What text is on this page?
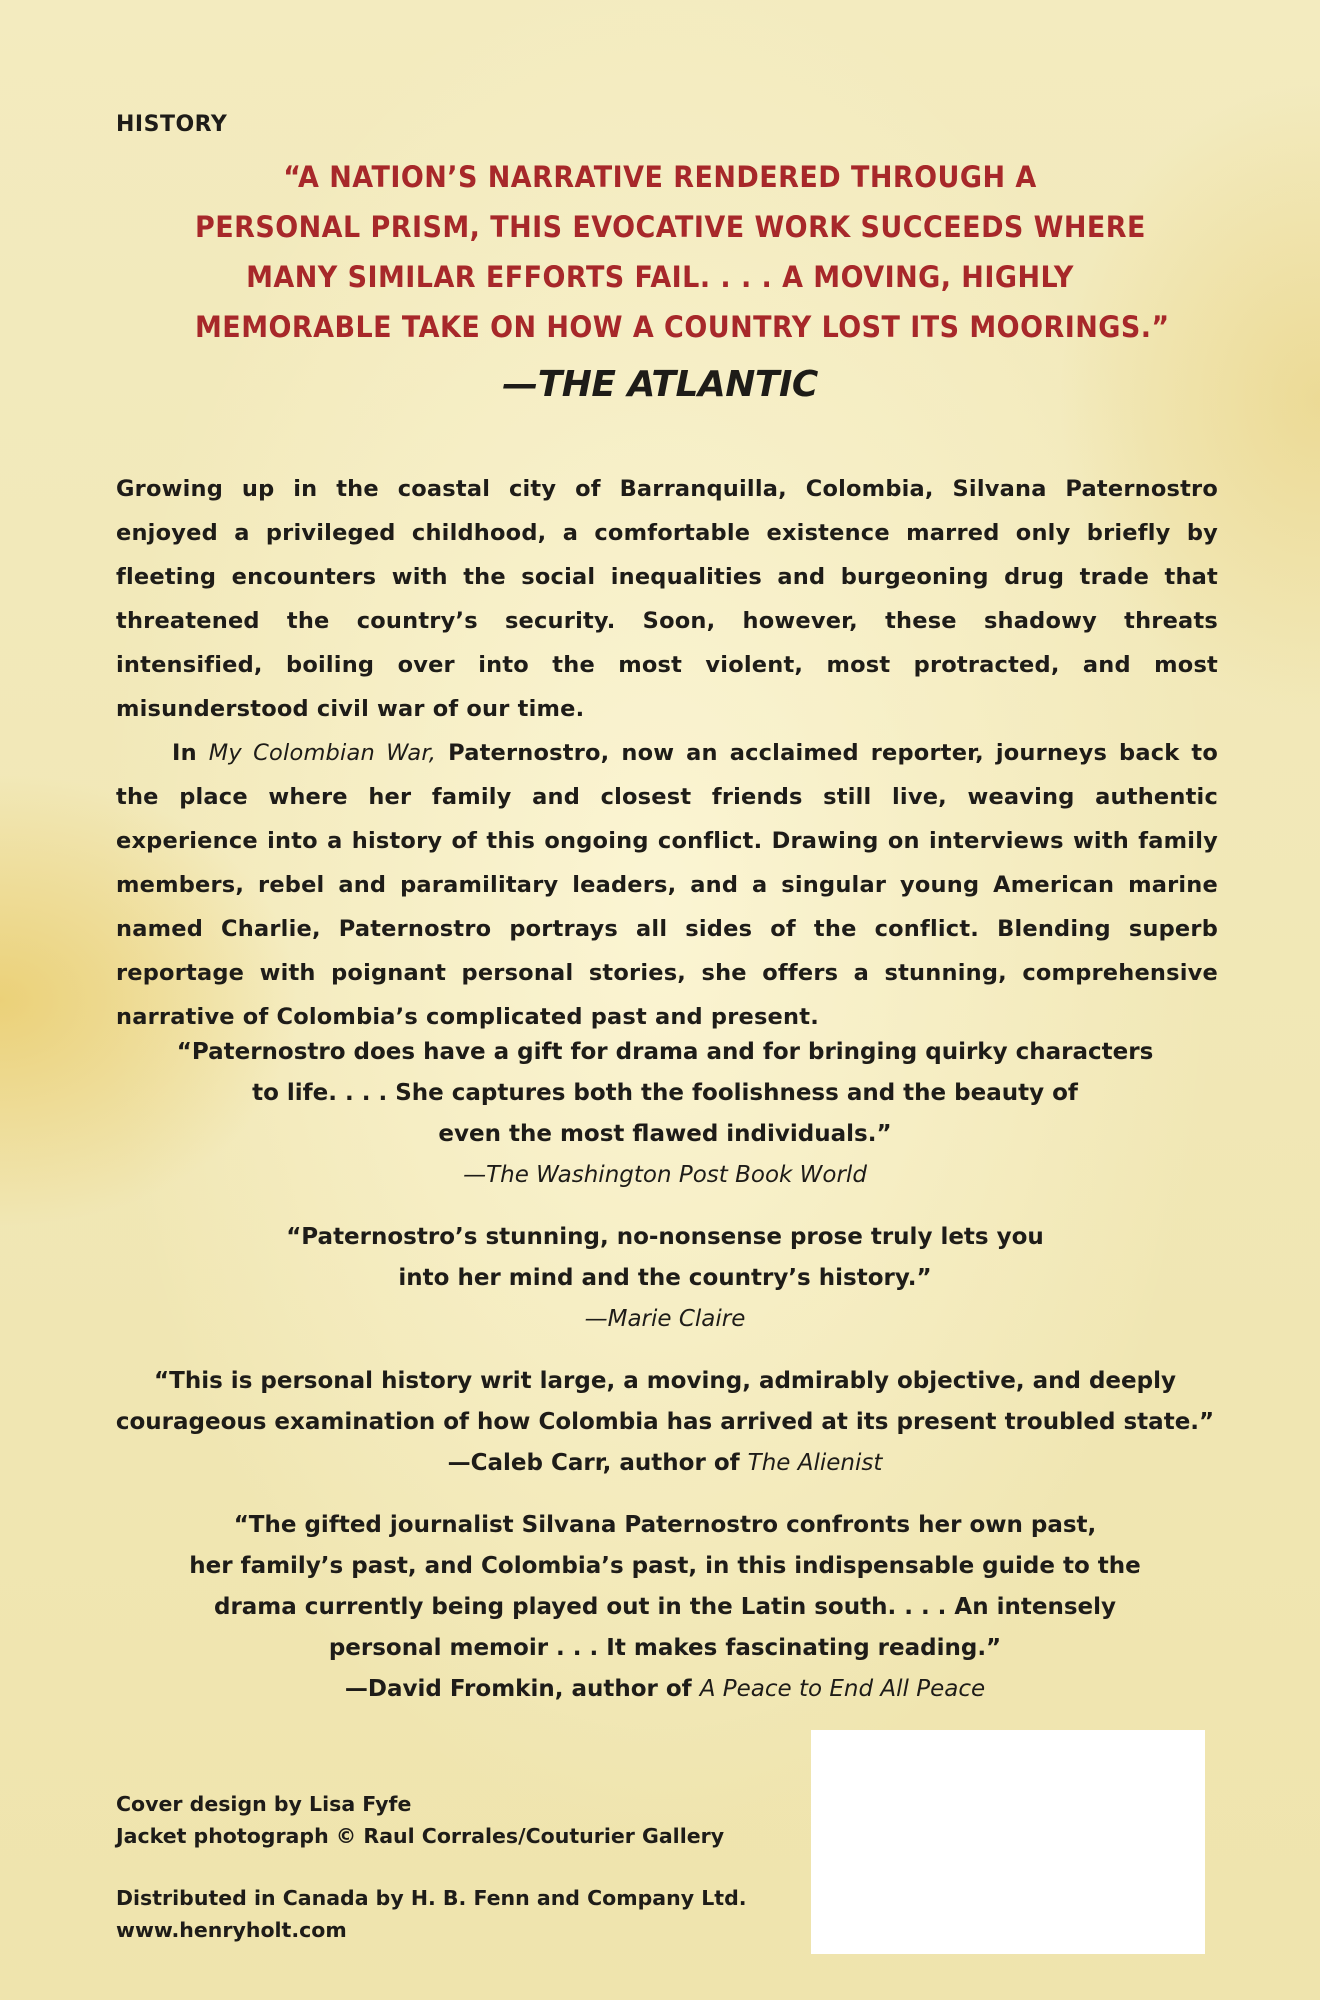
HISTORY
“A NATION’S NARRATIVE RENDERED THROUGH A
PERSONAL PRISM, THIS EVOCATIVE WORK SUCCEEDS WHERE
MANY SIMILAR EFFORTS FAIL. . . . A MOVING, HIGHLY
MEMORABLE TAKE ON HOW A COUNTRY LOST ITS MOORINGS.”
—THE ATLANTIC

Growing up in the coastal city of Barranquilla, Colombia, Silvana Paternostro enjoyed a privileged childhood, a comfortable existence marred only briefly by fleeting encounters with the social inequalities and burgeoning drug trade that threatened the country’s security. Soon, however, these shadowy threats intensified, boiling over into the most violent, most protracted, and most misunderstood civil war of our time.

In My Colombian War, Paternostro, now an acclaimed reporter, journeys back to the place where her family and closest friends still live, weaving authentic experience into a history of this ongoing conflict. Drawing on interviews with family members, rebel and paramilitary leaders, and a singular young American marine named Charlie, Paternostro portrays all sides of the conflict. Blending superb reportage with poignant personal stories, she offers a stunning, comprehensive narrative of Colombia’s complicated past and present.

“Paternostro does have a gift for drama and for bringing quirky characters
to life. . . . She captures both the foolishness and the beauty of
even the most flawed individuals.”
—The Washington Post Book World
“Paternostro’s stunning, no-nonsense prose truly lets you
into her mind and the country’s history.”
—Marie Claire
“This is personal history writ large, a moving, admirably objective, and deeply
courageous examination of how Colombia has arrived at its present troubled state.”
—Caleb Carr, author of The Alienist
“The gifted journalist Silvana Paternostro confronts her own past,
her family’s past, and Colombia’s past, in this indispensable guide to the
drama currently being played out in the Latin south. . . . An intensely
personal memoir . . . It makes fascinating reading.”
—David Fromkin, author of A Peace to End All Peace
Cover design by Lisa Fyfe
Jacket photograph © Raul Corrales/Couturier Gallery
Distributed in Canada by H. B. Fenn and Company Ltd.
www.henryholt.com
